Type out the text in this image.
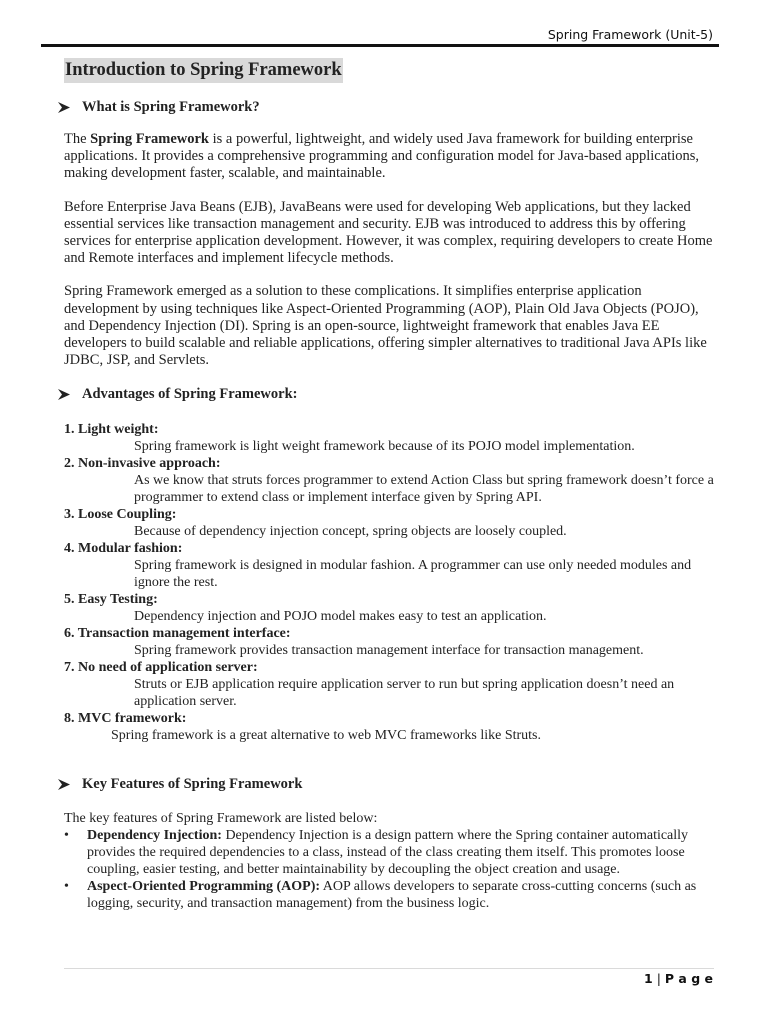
Spring Framework (Unit-5)
Introduction to Spring Framework
What is Spring Framework?

The Spring Framework is a powerful, lightweight, and widely used Java framework for building enterprise applications. It provides a comprehensive programming and configuration model for Java-based applications, making development faster, scalable, and maintainable.

Before Enterprise Java Beans (EJB), JavaBeans were used for developing Web applications, but they lacked essential services like transaction management and security. EJB was introduced to address this by offering services for enterprise application development. However, it was complex, requiring developers to create Home and Remote interfaces and implement lifecycle methods.

Spring Framework emerged as a solution to these complications. It simplifies enterprise application development by using techniques like Aspect-Oriented Programming (AOP), Plain Old Java Objects (POJO), and Dependency Injection (DI). Spring is an open-source, lightweight framework that enables Java EE developers to build scalable and reliable applications, offering simpler alternatives to traditional Java APIs like JDBC, JSP, and Servlets.

Advantages of Spring Framework:
1. Light weight:
Spring framework is light weight framework because of its POJO model implementation.
2. Non-invasive approach:
As we know that struts forces programmer to extend Action Class but spring framework doesn’t force a programmer to extend class or implement interface given by Spring API.
3. Loose Coupling:
Because of dependency injection concept, spring objects are loosely coupled.
4. Modular fashion:
Spring framework is designed in modular fashion. A programmer can use only needed modules and ignore the rest.
5. Easy Testing:
Dependency injection and POJO model makes easy to test an application.
6. Transaction management interface:
Spring framework provides transaction management interface for transaction management.
7. No need of application server:
Struts or EJB application require application server to run but spring application doesn’t need an application server.
8. MVC framework:
Spring framework is a great alternative to web MVC frameworks like Struts.
Key Features of Spring Framework

The key features of Spring Framework are listed below:

• Dependency Injection: Dependency Injection is a design pattern where the Spring container automatically provides the required dependencies to a class, instead of the class creating them itself. This promotes loose coupling, easier testing, and better maintainability by decoupling the object creation and usage.
• Aspect-Oriented Programming (AOP): AOP allows developers to separate cross-cutting concerns (such as logging, security, and transaction management) from the business logic.
1 | P a g e
